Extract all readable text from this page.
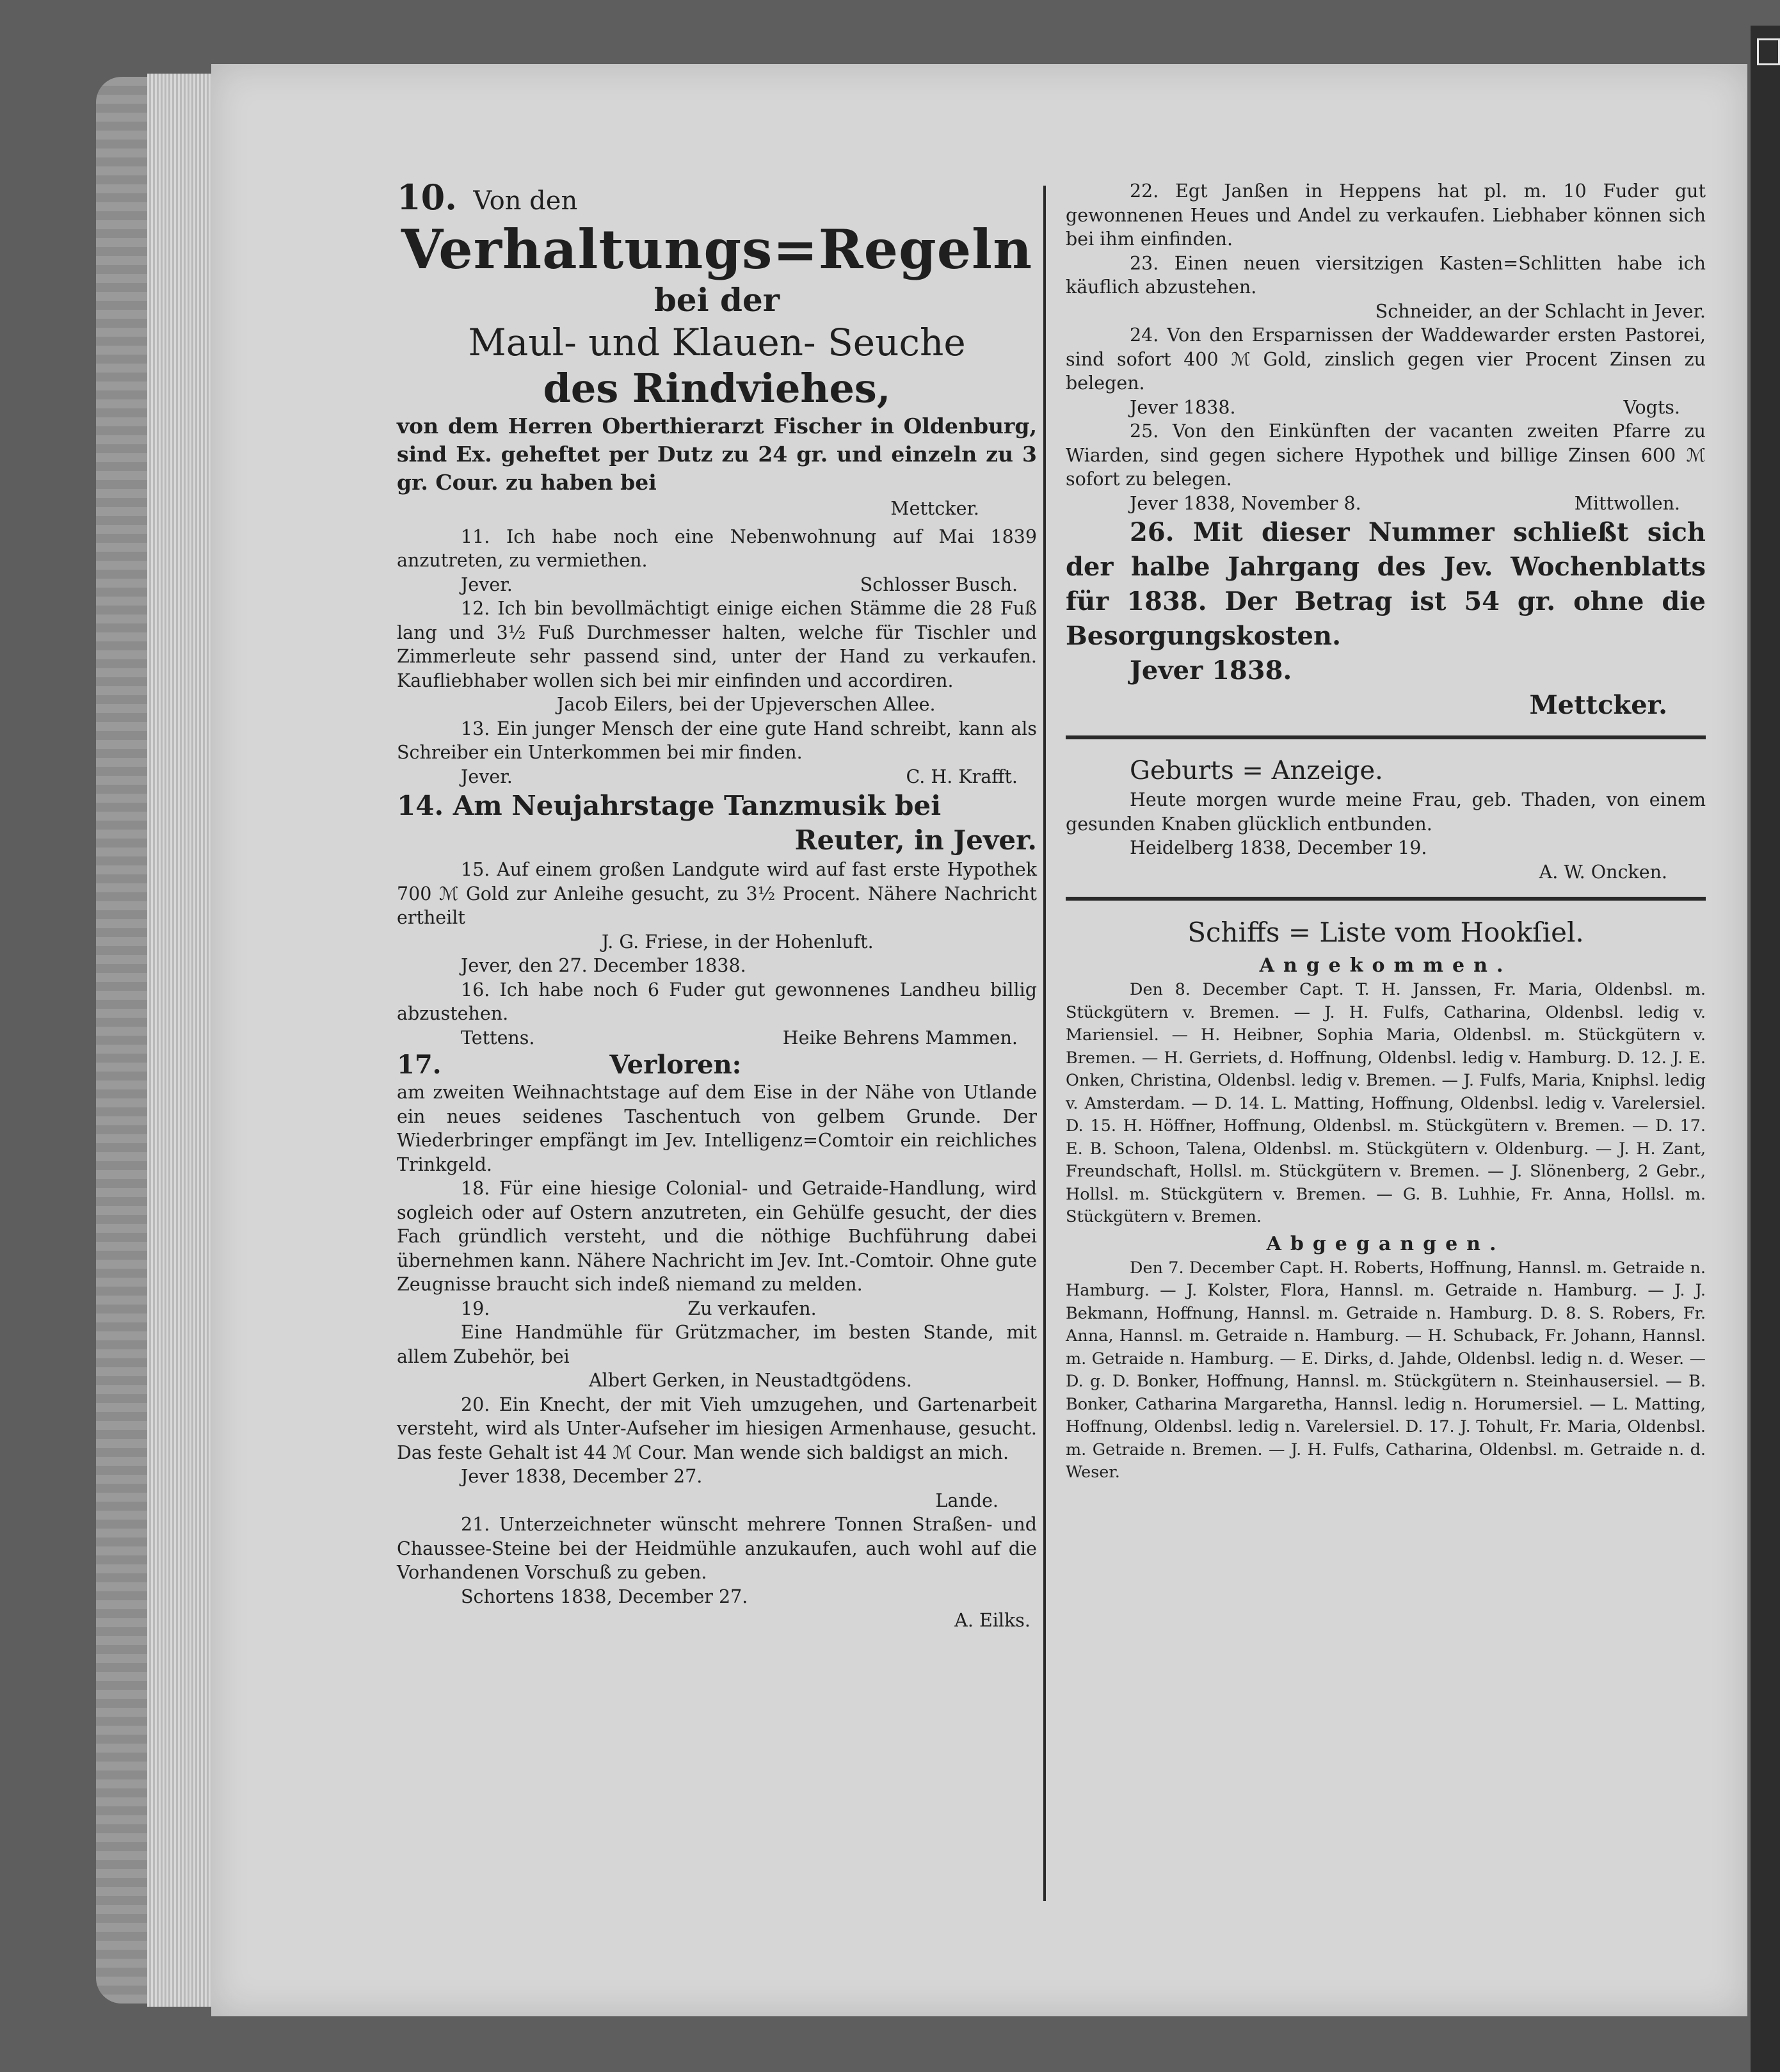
10. Von den

Verhaltungs=Regeln

bei der

Maul- und Klauen- Seuche

des Rindviehes,

von dem Herren Oberthierarzt Fischer in Oldenburg, sind Ex. geheftet per Dutz zu 24 gr. und einzeln zu 3 gr. Cour. zu haben bei

Mettcker.

11. Ich habe noch eine Nebenwohnung auf Mai 1839 anzutreten, zu vermiethen.

Jever.	Schlosser Busch.

12. Ich bin bevollmächtigt einige eichen Stämme die 28 Fuß lang und 3½ Fuß Durchmesser halten, welche für Tischler und Zimmerleute sehr passend sind, unter der Hand zu verkaufen. Kaufliebhaber wollen sich bei mir einfinden und accordiren.

Jacob Eilers, bei der Upjeverschen Allee.

13. Ein junger Mensch der eine gute Hand schreibt, kann als Schreiber ein Unterkommen bei mir finden.

Jever.	C. H. Krafft.

14. Am Neujahrstage Tanzmusik bei

Reuter, in Jever.

15. Auf einem großen Landgute wird auf fast erste Hypothek 700 ℳ Gold zur Anleihe gesucht, zu 3½ Procent. Nähere Nachricht ertheilt

J. G. Friese, in der Hohenluft.

Jever, den 27. December 1838.

16. Ich habe noch 6 Fuder gut gewonnenes Landheu billig abzustehen.

Tettens.	Heike Behrens Mammen.

17.	Verloren:

am zweiten Weihnachtstage auf dem Eise in der Nähe von Utlande ein neues seidenes Taschentuch von gelbem Grunde. Der Wiederbringer empfängt im Jev. Intelligenz=Comtoir ein reichliches Trinkgeld.

18. Für eine hiesige Colonial- und Getraide-Handlung, wird sogleich oder auf Ostern anzutreten, ein Gehülfe gesucht, der dies Fach gründlich versteht, und die nöthige Buchführung dabei übernehmen kann. Nähere Nachricht im Jev. Int.-Comtoir. Ohne gute Zeugnisse braucht sich indeß niemand zu melden.

19.	Zu verkaufen.

Eine Handmühle für Grützmacher, im besten Stande, mit allem Zubehör, bei

Albert Gerken, in Neustadtgödens.

20. Ein Knecht, der mit Vieh umzugehen, und Gartenarbeit versteht, wird als Unter-Aufseher im hiesigen Armenhause, gesucht. Das feste Gehalt ist 44 ℳ Cour. Man wende sich baldigst an mich.

Jever 1838, December 27.

Lande.

21. Unterzeichneter wünscht mehrere Tonnen Straßen- und Chaussee-Steine bei der Heidmühle anzukaufen, auch wohl auf die Vorhandenen Vorschuß zu geben.

Schortens 1838, December 27.

A. Eilks.

22. Egt Janßen in Heppens hat pl. m. 10 Fuder gut gewonnenen Heues und Andel zu verkaufen. Liebhaber können sich bei ihm einfinden.

23. Einen neuen viersitzigen Kasten=Schlitten habe ich käuflich abzustehen.

Schneider, an der Schlacht in Jever.

24. Von den Ersparnissen der Waddewarder ersten Pastorei, sind sofort 400 ℳ Gold, zinslich gegen vier Procent Zinsen zu belegen.

Jever 1838.	Vogts.

25. Von den Einkünften der vacanten zweiten Pfarre zu Wiarden, sind gegen sichere Hypothek und billige Zinsen 600 ℳ sofort zu belegen.

Jever 1838, November 8.	Mittwollen.

26. Mit dieser Nummer schließt sich der halbe Jahrgang des Jev. Wochenblatts für 1838. Der Betrag ist 54 gr. ohne die Besorgungskosten.

Jever 1838.

Mettcker.

Geburts = Anzeige.

Heute morgen wurde meine Frau, geb. Thaden, von einem gesunden Knaben glücklich entbunden.

Heidelberg 1838, December 19.

A. W. Oncken.

Schiffs = Liste vom Hookſiel.

Angekommen.

Den 8. December Capt. T. H. Janssen, Fr. Maria, Oldenbsl. m. Stückgütern v. Bremen. — J. H. Fulfs, Catharina, Oldenbsl. ledig v. Mariensiel. — H. Heibner, Sophia Maria, Oldenbsl. m. Stückgütern v. Bremen. — H. Gerriets, d. Hoffnung, Oldenbsl. ledig v. Hamburg. D. 12. J. E. Onken, Christina, Oldenbsl. ledig v. Bremen. — J. Fulfs, Maria, Kniphsl. ledig v. Amsterdam. — D. 14. L. Matting, Hoffnung, Oldenbsl. ledig v. Varelersiel. D. 15. H. Höffner, Hoffnung, Oldenbsl. m. Stückgütern v. Bremen. — D. 17. E. B. Schoon, Talena, Oldenbsl. m. Stückgütern v. Oldenburg. — J. H. Zant, Freundschaft, Hollsl. m. Stückgütern v. Bremen. — J. Slönenberg, 2 Gebr., Hollsl. m. Stückgütern v. Bremen. — G. B. Luhhie, Fr. Anna, Hollsl. m. Stückgütern v. Bremen.

Abgegangen.

Den 7. December Capt. H. Roberts, Hoffnung, Hannsl. m. Getraide n. Hamburg. — J. Kolster, Flora, Hannsl. m. Getraide n. Hamburg. — J. J. Bekmann, Hoffnung, Hannsl. m. Getraide n. Hamburg. D. 8. S. Robers, Fr. Anna, Hannsl. m. Getraide n. Hamburg. — H. Schuback, Fr. Johann, Hannsl. m. Getraide n. Hamburg. — E. Dirks, d. Jahde, Oldenbsl. ledig n. d. Weser. — D. g. D. Bonker, Hoffnung, Hannsl. m. Stückgütern n. Steinhausersiel. — B. Bonker, Catharina Margaretha, Hannsl. ledig n. Horumersiel. — L. Matting, Hoffnung, Oldenbsl. ledig n. Varelersiel. D. 17. J. Tohult, Fr. Maria, Oldenbsl. m. Getraide n. Bremen. — J. H. Fulfs, Catharina, Oldenbsl. m. Getraide n. d. Weser.
